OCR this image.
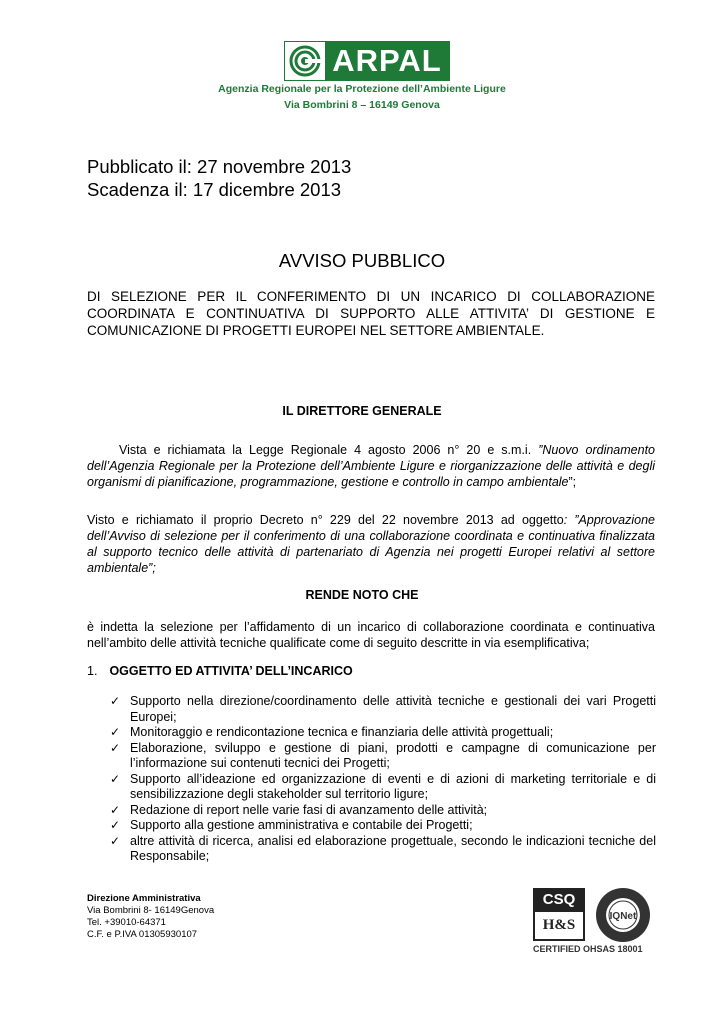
ARPAL
Agenzia Regionale per la Protezione dell’Ambiente Ligure
Via Bombrini 8 – 16149 Genova
Pubblicato il: 27 novembre 2013
Scadenza il: 17 dicembre 2013
AVVISO PUBBLICO
DI SELEZIONE PER IL CONFERIMENTO DI UN INCARICO DI COLLABORAZIONE COORDINATA E CONTINUATIVA DI SUPPORTO ALLE ATTIVITA’ DI GESTIONE E COMUNICAZIONE DI PROGETTI EUROPEI NEL SETTORE AMBIENTALE.
IL DIRETTORE GENERALE
Vista e richiamata la Legge Regionale 4 agosto 2006 n° 20 e s.m.i. ”Nuovo ordinamento dell’Agenzia Regionale per la Protezione dell’Ambiente Ligure e riorganizzazione delle attività e degli organismi di pianificazione, programmazione, gestione e controllo in campo ambientale”;
Visto e richiamato il proprio Decreto n° 229 del 22 novembre 2013 ad oggetto: ”Approvazione dell’Avviso di selezione per il conferimento di una collaborazione coordinata e continuativa finalizzata al supporto tecnico delle attività di partenariato di Agenzia nei progetti Europei relativi al settore ambientale”;
RENDE NOTO CHE
è indetta la selezione per l’affidamento di un incarico di collaborazione coordinata e continuativa nell’ambito delle attività tecniche qualificate come di seguito descritte in via esemplificativa;
1. OGGETTO ED ATTIVITA’ DELL’INCARICO
✓ Supporto nella direzione/coordinamento delle attività tecniche e gestionali dei vari Progetti Europei;
✓ Monitoraggio e rendicontazione tecnica e finanziaria delle attività progettuali;
✓ Elaborazione, sviluppo e gestione di piani, prodotti e campagne di comunicazione per l’informazione sui contenuti tecnici dei Progetti;
✓ Supporto all’ideazione ed organizzazione di eventi e di azioni di marketing territoriale e di sensibilizzazione degli stakeholder sul territorio ligure;
✓ Redazione di report nelle varie fasi di avanzamento delle attività;
✓ Supporto alla gestione amministrativa e contabile dei Progetti;
✓ altre attività di ricerca, analisi ed elaborazione progettuale, secondo le indicazioni tecniche del Responsabile;
Direzione Amministrativa
Via Bombrini 8- 16149Genova
Tel. +39010-64371
C.F. e P.IVA 01305930107
CSQ
H&S
IQNet
CERTIFIED OHSAS 18001
